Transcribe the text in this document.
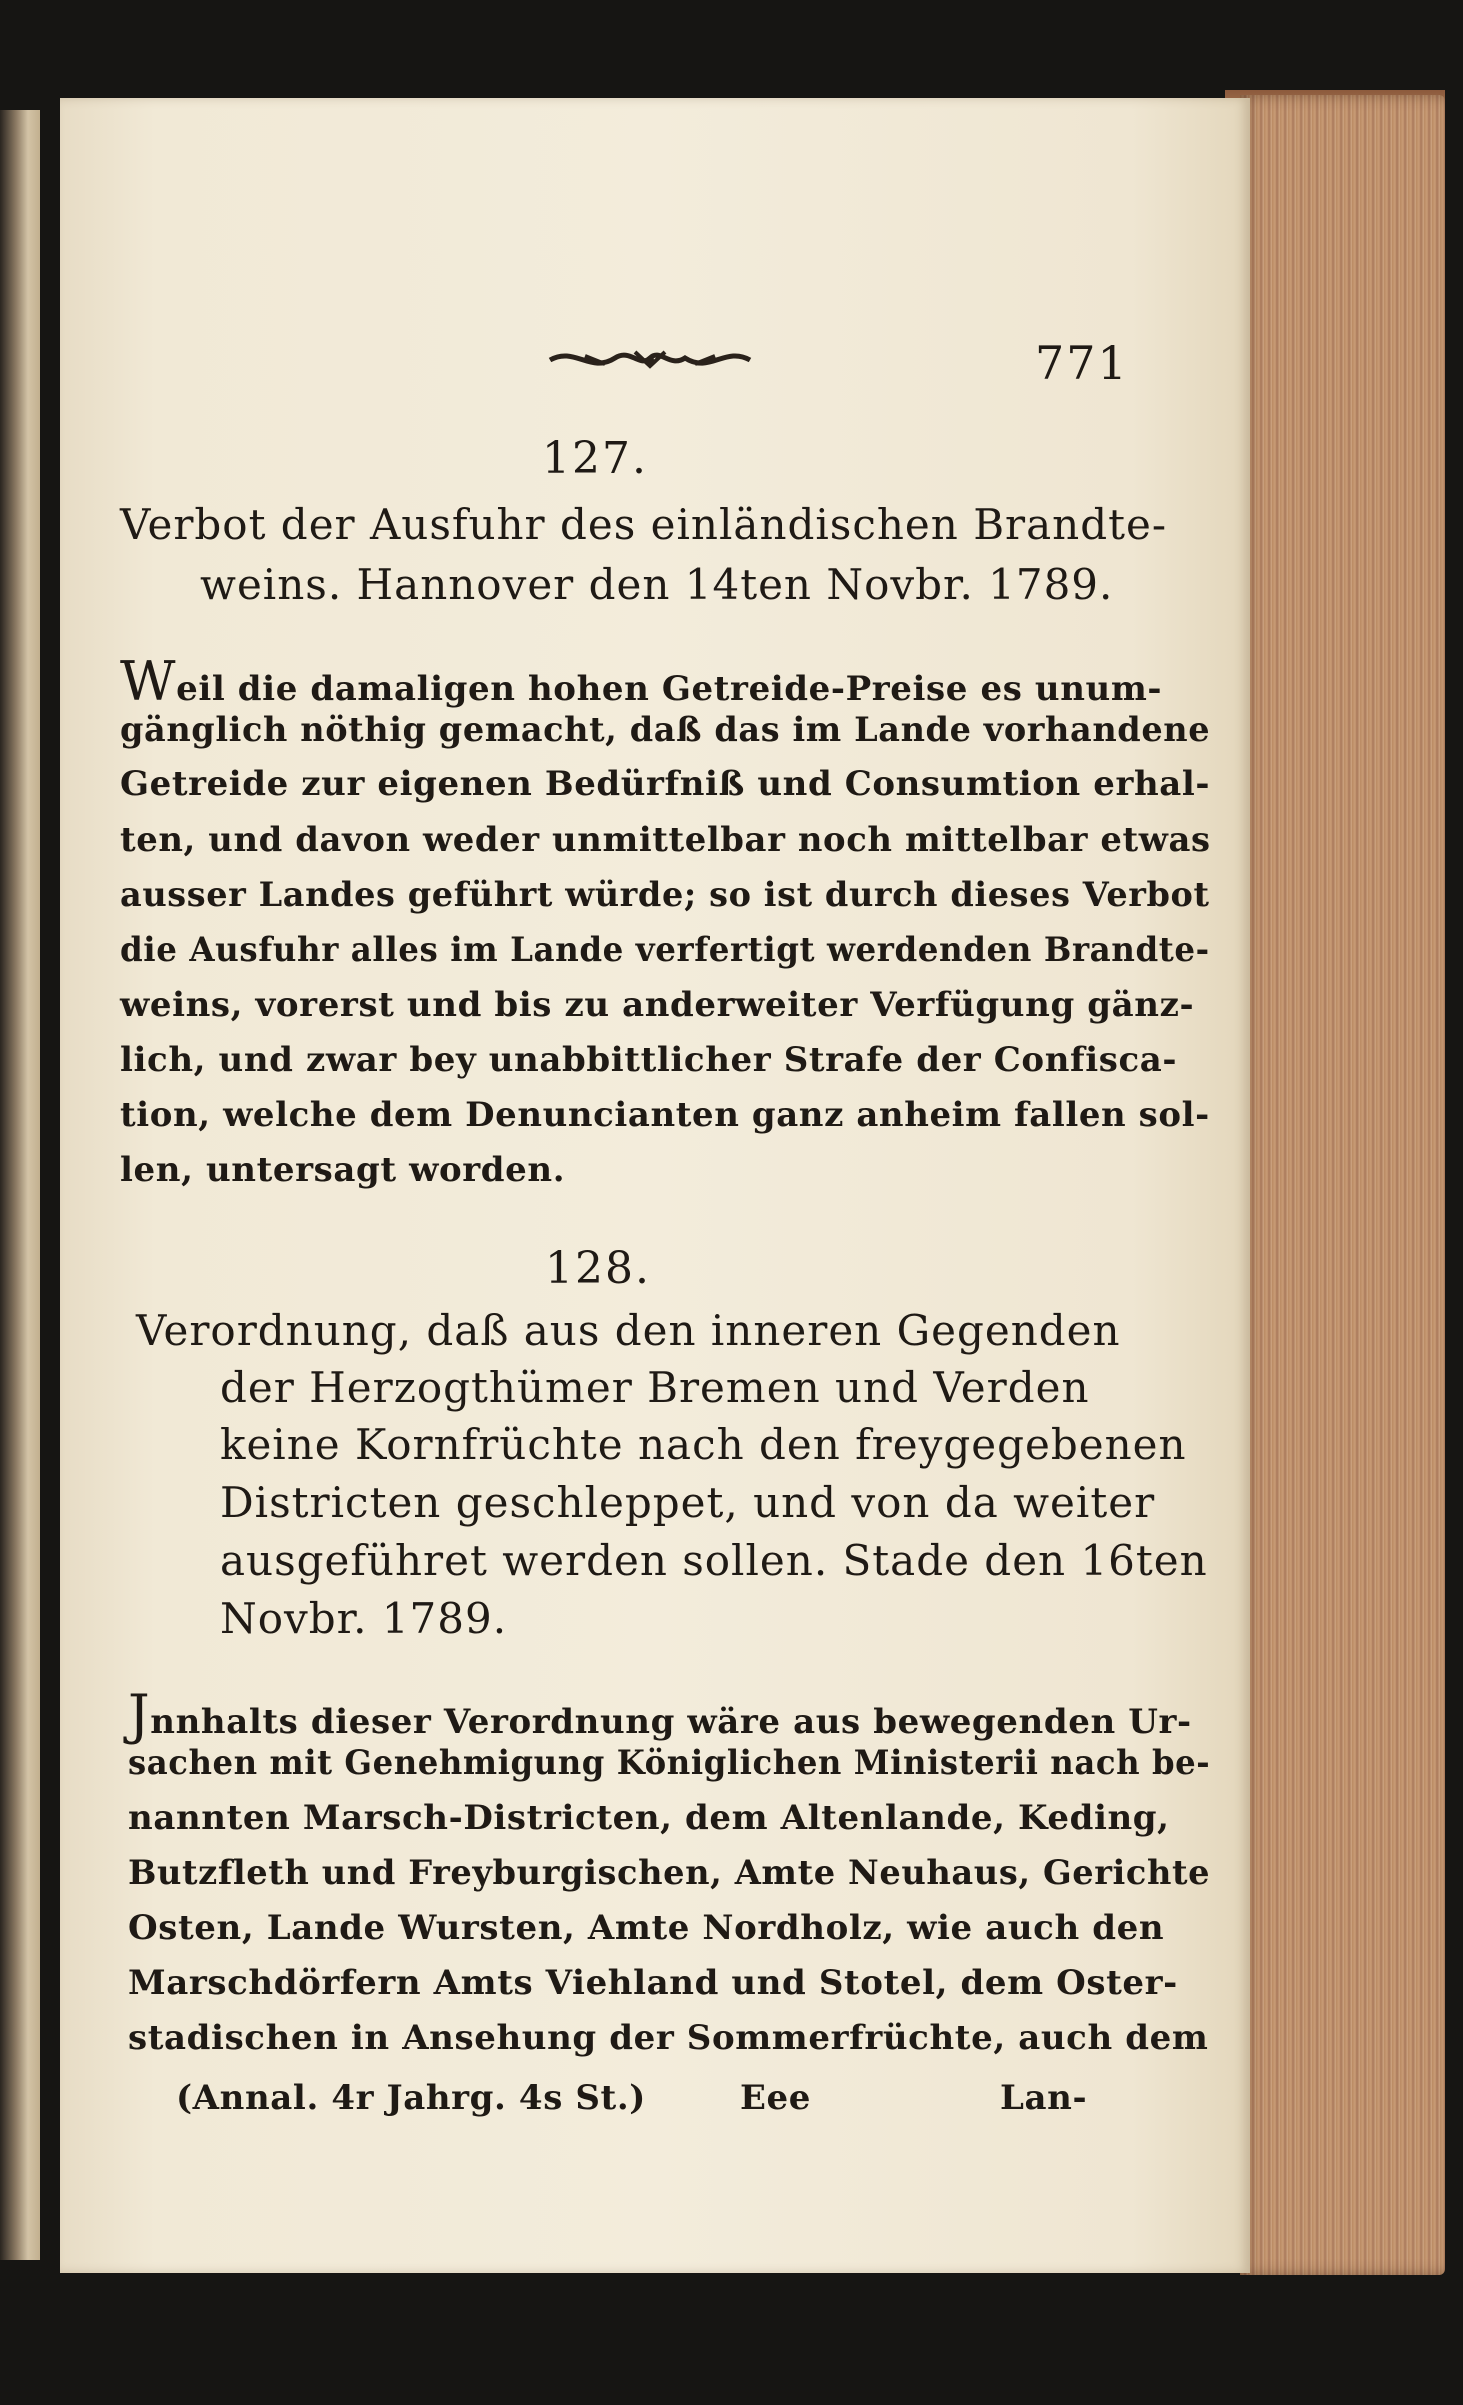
771
127.
Verbot der Ausfuhr des einländischen Brandte-
weins. Hannover den 14ten Novbr. 1789.
Weil die damaligen hohen Getreide-Preise es unum-
gänglich nöthig gemacht, daß das im Lande vorhandene
Getreide zur eigenen Bedürfniß und Consumtion erhal-
ten, und davon weder unmittelbar noch mittelbar etwas
ausser Landes geführt würde; so ist durch dieses Verbot
die Ausfuhr alles im Lande verfertigt werdenden Brandte-
weins, vorerst und bis zu anderweiter Verfügung gänz-
lich, und zwar bey unabbittlicher Strafe der Confisca-
tion, welche dem Denuncianten ganz anheim fallen sol-
len, untersagt worden.
128.
Verordnung, daß aus den inneren Gegenden
der Herzogthümer Bremen und Verden
keine Kornfrüchte nach den freygegebenen
Districten geschleppet, und von da weiter
ausgeführet werden sollen. Stade den 16ten
Novbr. 1789.
Jnnhalts dieser Verordnung wäre aus bewegenden Ur-
sachen mit Genehmigung Königlichen Ministerii nach be-
nannten Marsch-Districten, dem Altenlande, Keding,
Butzfleth und Freyburgischen, Amte Neuhaus, Gerichte
Osten, Lande Wursten, Amte Nordholz, wie auch den
Marschdörfern Amts Viehland und Stotel, dem Oster-
stadischen in Ansehung der Sommerfrüchte, auch dem
(Annal. 4r Jahrg. 4s St.)	Eee	Lan-
